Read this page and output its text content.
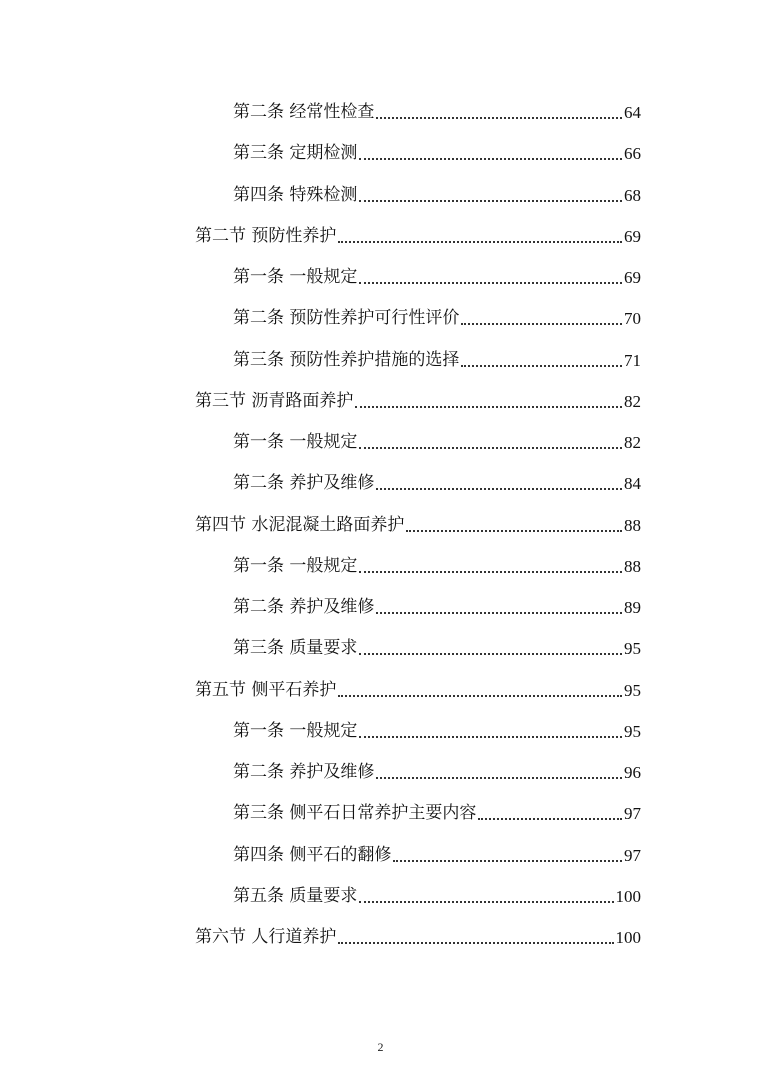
第二条 经常性检查	64
第三条 定期检测	66
第四条 特殊检测	68
第二节 预防性养护	69
第一条 一般规定	69
第二条 预防性养护可行性评价	70
第三条 预防性养护措施的选择	71
第三节 沥青路面养护	82
第一条 一般规定	82
第二条 养护及维修	84
第四节 水泥混凝土路面养护	88
第一条 一般规定	88
第二条 养护及维修	89
第三条 质量要求	95
第五节 侧平石养护	95
第一条 一般规定	95
第二条 养护及维修	96
第三条 侧平石日常养护主要内容	97
第四条 侧平石的翻修	97
第五条 质量要求	100
第六节 人行道养护	100
2
